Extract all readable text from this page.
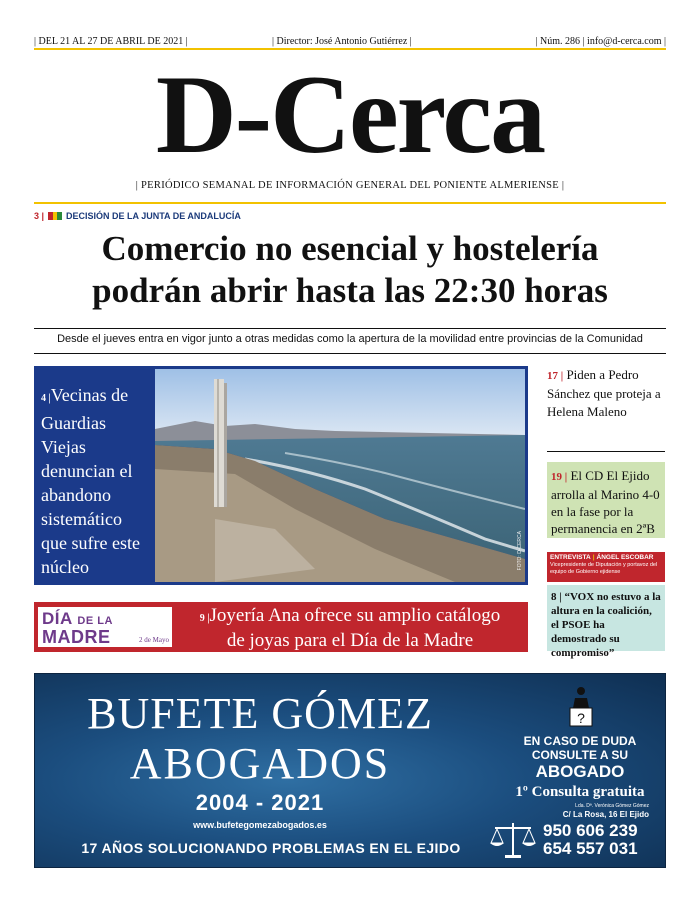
| DEL 21 AL 27 DE ABRIL DE 2021 |	| Director: José Antonio Gutiérrez |	| Núm. 286 | info@d-cerca.com |
D-Cerca
| PERIÓDICO SEMANAL DE INFORMACIÓN GENERAL DEL PONIENTE ALMERIENSE |
3 | DECISIÓN DE LA JUNTA DE ANDALUCÍA
Comercio no esencial y hostelería
podrán abrir hasta las 22:30 horas
Desde el jueves entra en vigor junto a otras medidas como la apertura de la movilidad entre provincias de la Comunidad
4 |Vecinas de Guardias Viejas denuncian el abandono sistemático que sufre este núcleo	FOTO: D-CERCA
17 | Piden a Pedro Sánchez que proteja a Helena Maleno
19 | El CD El Ejido arrolla al Marino 4-0 en la fase por la permanencia en 2ªB
ENTREVISTA | ÁNGEL ESCOBAR
Vicepresidente de Diputación y portavoz del equipo de Gobierno ejidense
8 | “VOX no estuvo a la altura en la coalición, el PSOE ha demostrado su compromiso”
DÍA DE LA
MADRE	2 de Mayo
9 |Joyería Ana ofrece su amplio catálogo
de joyas para el Día de la Madre
BUFETE GÓMEZ
ABOGADOS
2004 - 2021
www.bufetegomezabogados.es
17 AÑOS SOLUCIONANDO PROBLEMAS EN EL EJIDO
?
EN CASO DE DUDA
CONSULTE A SU
ABOGADO
1º Consulta gratuita
Lda. Dª. Verónica Gómez Gómez
C/ La Rosa, 16 El Ejido
950 606 239
654 557 031
